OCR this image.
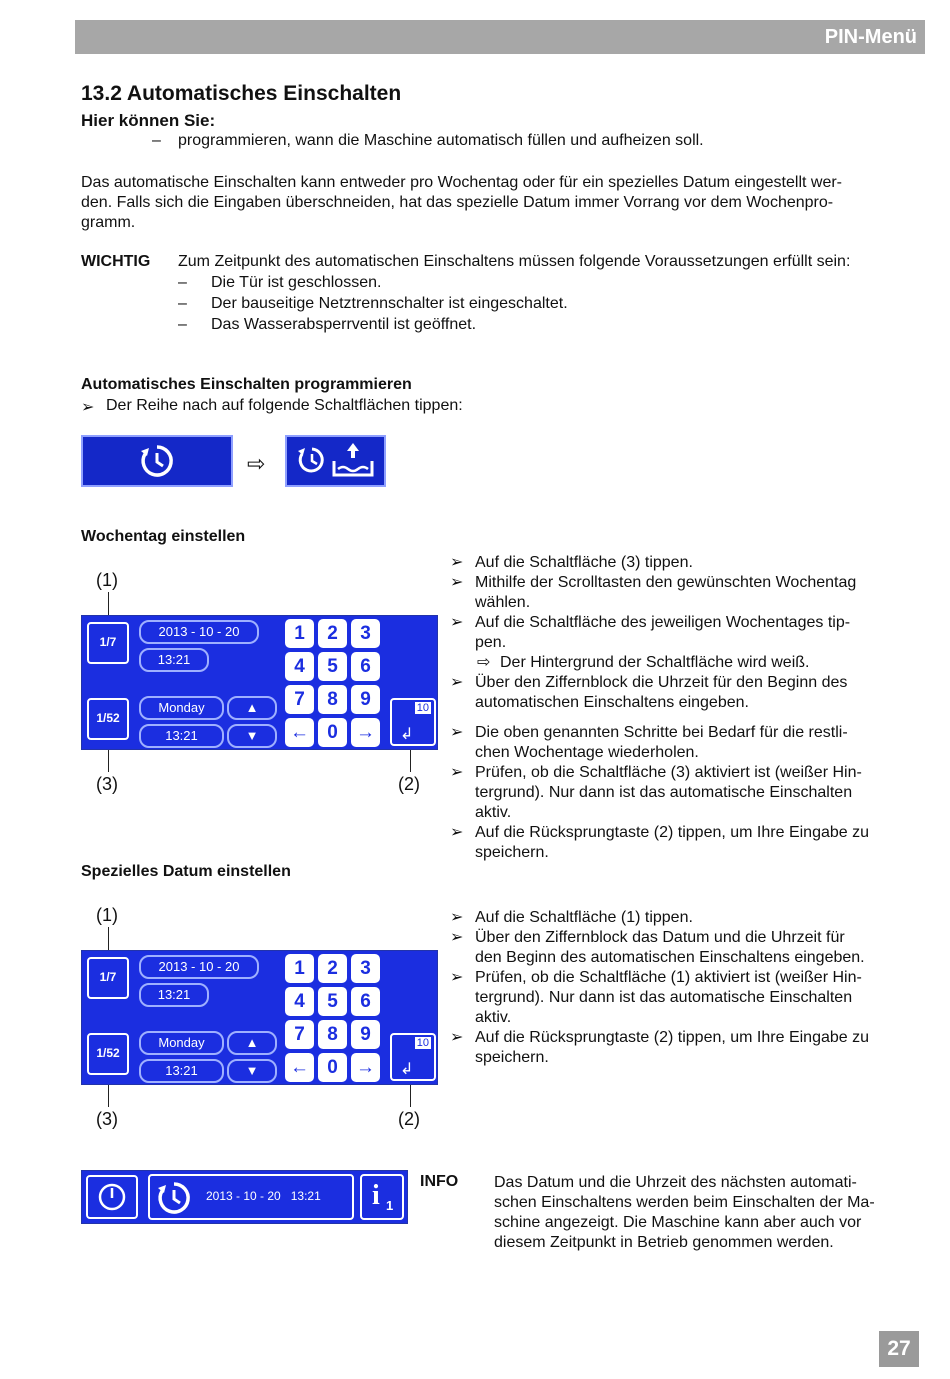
PIN-Menü
13.2 Automatisches Einschalten
Hier können Sie:
– programmieren, wann die Maschine automatisch füllen und aufheizen soll.
Das automatische Einschalten kann entweder pro Wochentag oder für ein spezielles Datum eingestellt wer-
den. Falls sich die Eingaben überschneiden, hat das spezielle Datum immer Vorrang vor dem Wochenpro-
gramm.
WICHTIG Zum Zeitpunkt des automatischen Einschaltens müssen folgende Voraussetzungen erfüllt sein:
– Die Tür ist geschlossen.
– Der bauseitige Netztrennschalter ist eingeschaltet.
– Das Wasserabsperrventil ist geöffnet.
Automatisches Einschalten programmieren
➢ Der Reihe nach auf folgende Schaltflächen tippen:
⇨
Wochentag einstellen
(1)
1/7
1/52
2013 - 10 - 20
13:21
Monday
13:21
▲
▼
1	2	3
4	5	6
7	8	9
← 0 →
10
↲
(3)	(2)
➢ Auf die Schaltfläche (3) tippen.
➢ Mithilfe der Scrolltasten den gewünschten Wochentag
wählen.
➢ Auf die Schaltfläche des jeweiligen Wochentages tip-
pen.
⇨ Der Hintergrund der Schaltfläche wird weiß.
➢ Über den Ziffernblock die Uhrzeit für den Beginn des
automatischen Einschaltens eingeben.
➢ Die oben genannten Schritte bei Bedarf für die restli-
chen Wochentage wiederholen.
➢ Prüfen, ob die Schaltfläche (3) aktiviert ist (weißer Hin-
tergrund). Nur dann ist das automatische Einschalten
aktiv.
➢ Auf die Rücksprungtaste (2) tippen, um Ihre Eingabe zu
speichern.
Spezielles Datum einstellen
(1)
1/7
1/52
2013 - 10 - 20
13:21
Monday
13:21
▲
▼
1	2	3
4	5	6
7	8	9
← 0 →
10
↲
(3)	(2)
➢ Auf die Schaltfläche (1) tippen.
➢ Über den Ziffernblock das Datum und die Uhrzeit für
den Beginn des automatischen Einschaltens eingeben.
➢ Prüfen, ob die Schaltfläche (1) aktiviert ist (weißer Hin-
tergrund). Nur dann ist das automatische Einschalten
aktiv.
➢ Auf die Rücksprungtaste (2) tippen, um Ihre Eingabe zu
speichern.
2013 - 10 - 20   13:21 i 1
INFO Das Datum und die Uhrzeit des nächsten automati-
schen Einschaltens werden beim Einschalten der Ma-
schine angezeigt. Die Maschine kann aber auch vor
diesem Zeitpunkt in Betrieb genommen werden.
27
